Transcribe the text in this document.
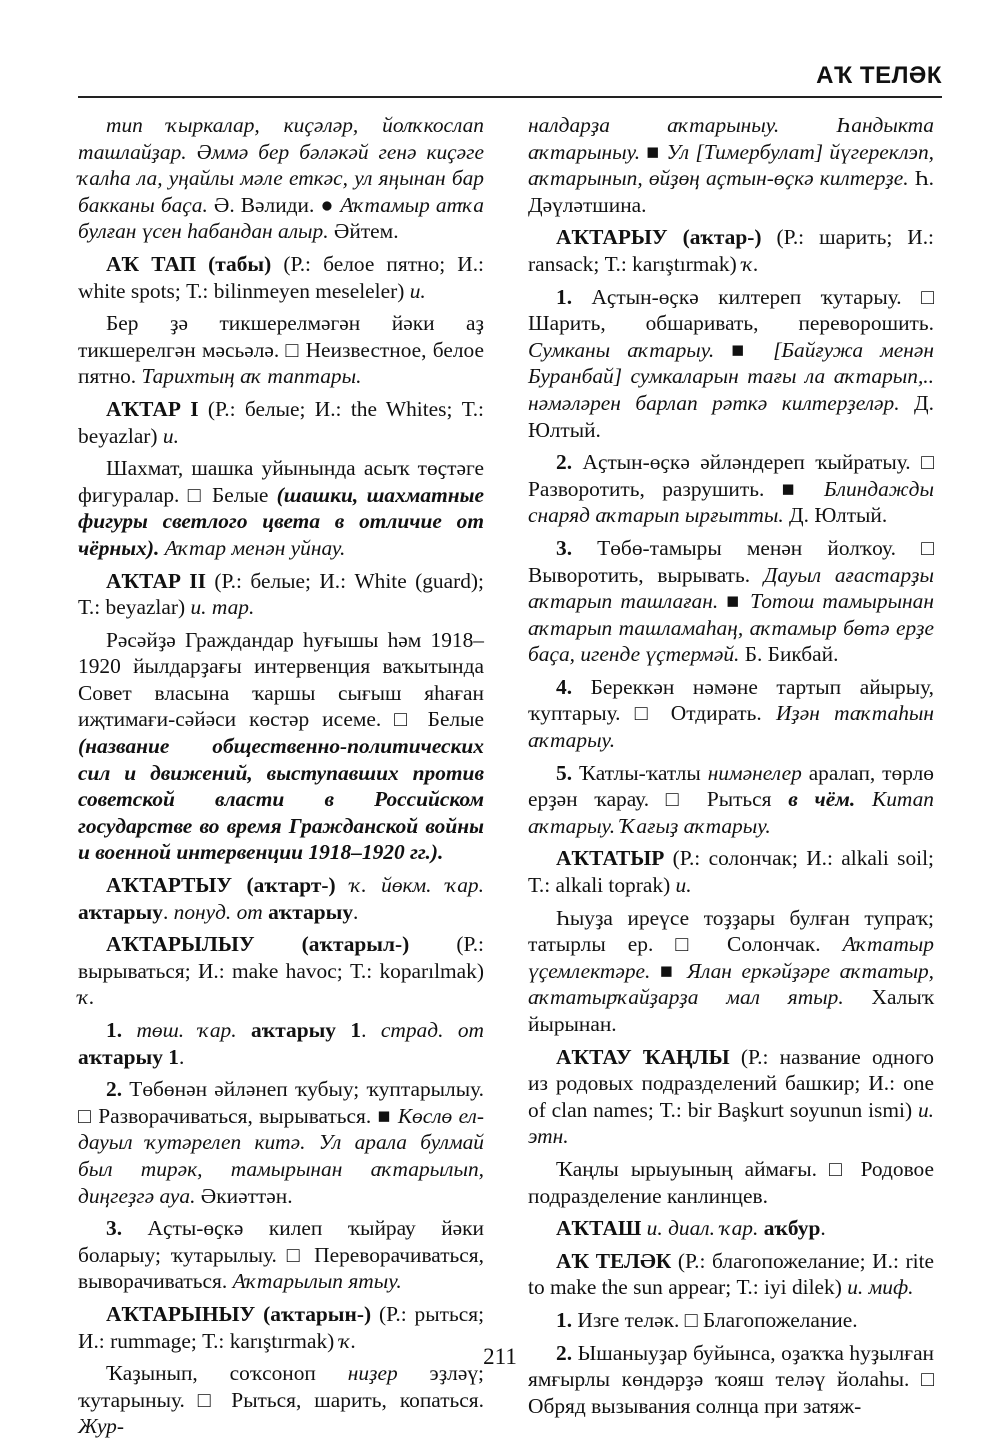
АҠ ТЕЛӘК

тип ҡыркалар, киҫәләр, йолҡкослап ташлайҙар. Әммә бер бәләкәй генә киҫәге ҡалһа ла, уңайлы мәле еткәс, ул яңынан бар бакканы баҫа. Ә. Вәлиди. ● Аҡтамыр атҡа булған үсен һабандан алыр. Әйтем.

АҠ ТАП (табы) (Р.: белое пятно; И.: white spots; Т.: bilinmeyen meseleler) и.

Бер ҙә тикшерелмәгән йәки аҙ тикшерелгән мәсьәлә. □ Неизвестное, белое пятно. Тарихтың аҡ таптары.

АҠТАР I (Р.: белые; И.: the Whites; Т.: beyazlar) и.

Шахмат, шашка уйынында асыҡ төҫтәге фигуралар. □ Белые (шашки, шахматные фигуры светлого цвета в отличие от чёрных). Аҡтар менән уйнау.

АҠТАР II (Р.: белые; И.: White (guard); Т.: beyazlar) и. тар.

Рәсәйҙә Граждандар һуғышы һәм 1918–1920 йылдарҙағы интервенция ваҡытында Совет власына ҡаршы сығыш яһаған иҗтимағи-сәйәси көстәр исеме. □ Белые (название общественно-политических сил и движений, выступавших против советской власти в Российском государстве во время Гражданской войны и военной интервенции 1918–1920 гг.).

АҠТАРТЫУ (аҡтарт-) ҡ. йөкм. ҡар. аҡтарыу. понуд. от аҡтарыу.

АҠТАРЫЛЫУ (аҡтарыл-) (Р.: вырываться; И.: make havoc; Т.: koparılmak) ҡ.

1. төш. ҡар. аҡтарыу 1. страд. от аҡтарыу 1.

2. Төбөнән әйләнеп ҡубыу; ҡуптарылыу. □ Разворачиваться, вырываться. ■ Көслө ел-дауыл ҡутәрелеп китә. Ул арала булмай был тирәк, тамырынан аҡтарылып, диңгеҙгә ауа. Әкиәттән.

3. Аҫты-өҫкә килеп ҡыйрау йәки боларыу; ҡутарылыу. □ Переворачиваться, выворачиваться. Аҡтарылып ятыу.

АҠТАРЫНЫУ (аҡтарын-) (Р.: рыться; И.: rummage; Т.: karıştırmak) ҡ.

Ҡаҙынып, соҡсоноп ниҙер эҙләү; ҡутарыныу. □ Рыться, шарить, копаться. Жур-

налдарҙа аҡтарыныу. Һандыкта аҡтарыныу. ■ Ул [Тимербулат] йүгереклэп, аҡтарынып, өйҙөң аҫтын-өҫкә килтерҙе. Һ. Дәүләтшина.

АҠТАРЫУ (аҡтар-) (Р.: шарить; И.: ransack; Т.: karıştırmak) ҡ.

1. Аҫтын-өҫкә килтереп ҡутарыу. □ Шарить, обшаривать, переворошить. Сумканы аҡтарыу. ■ [Байғужа менән Буранбай] сумкаларын тағы ла аҡтарып,.. нәмәләрен барлап рәткә килтерҙеләр. Д. Юлтый.

2. Аҫтын-өҫкә әйләндереп ҡыйратыу. □ Разворотить, разрушить. ■ Блиндажды снаряд аҡтарып ырғытты. Д. Юлтый.

3. Төбө-тамыры менән йолҡоу. □ Выворотить, вырывать. Дауыл ағастарҙы аҡтарып ташлаған. ■ Тотош тамырынан аҡтарып ташламаһаң, аҡтамыр бөтә ерҙе баҫа, игенде үҫтермәй. Б. Бикбай.

4. Береккән нәмәне тартып айырыу, ҡуптарыу. □ Отдирать. Иҙән таҡтаһын аҡтарыу.

5. Ҡатлы-ҡатлы нимәнелер аралап, төрлө ерҙән ҡарау. □ Рыться в чём. Китап аҡтарыу. Ҡағыҙ аҡтарыу.

АҠТАТЫР (Р.: солончак; И.: alkali soil; Т.: alkali toprak) и.

Һыуҙа иреүсе тоҙҙары булған тупраҡ; татырлы ер. □ Солончак. Аҡтатыр үҫемлектәре. ■ Ялан еркәйҙәре аҡтатыр, аҡтатырҡайҙарҙа мал ятыр. Халыҡ йырынан.

АҠТАУ ҠАҢЛЫ (Р.: название одного из родовых подразделений башкир; И.: one of clan names; Т.: bir Başkurt soyunun ismi) и. этн.

Ҡаңлы ырыуының аймағы. □ Родовое подразделение канлинцев.

АҠТАШ и. диал. ҡар. аҡбур.

АҠ ТЕЛӘК (Р.: благопожелание; И.: rite to make the sun appear; Т.: iyi dilek) и. миф.

1. Изге теләк. □ Благопожелание.

2. Ышаныуҙар буйынса, оҙаҡҡа һуҙылған ямғырлы көндәрҙә ҡояш теләү йолаһы. □ Обряд вызывания солнца при затяж-

211
